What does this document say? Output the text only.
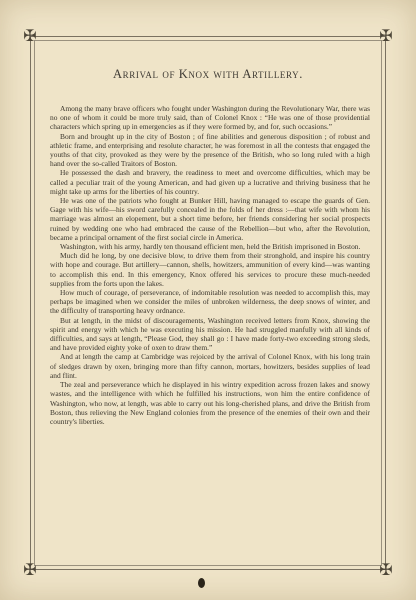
✠	✠
✠	✠
Arrival of Knox with Artillery.

Among the many brave officers who fought under Washington during the Revolutionary War, there was no one of whom it could be more truly said, than of Colonel Knox : “He was one of those providential characters which spring up in emergencies as if they were formed by, and for, such occasions.”

Born and brought up in the city of Boston ; of fine abilities and generous disposition ; of robust and athletic frame, and enterprising and resolute character, he was foremost in all the contests that engaged the youths of that city, provoked as they were by the presence of the British, who so long ruled with a high hand over the so-called Traitors of Boston.

He possessed the dash and bravery, the readiness to meet and overcome difficulties, which may be called a peculiar trait of the young American, and had given up a lucrative and thriving business that he might take up arms for the liberties of his country.

He was one of the patriots who fought at Bunker Hill, having managed to escape the guards of Gen. Gage with his wife—his sword carefully concealed in the folds of her dress :—that wife with whom his marriage was almost an elopement, but a short time before, her friends considering her social prospects ruined by wedding one who had embraced the cause of the Rebellion—but who, after the Revolution, became a principal ornament of the first social circle in America.

Washington, with his army, hardly ten thousand efficient men, held the British imprisoned in Boston.

Much did he long, by one decisive blow, to drive them from their stronghold, and inspire his country with hope and courage. But artillery—cannon, shells, howitzers, ammunition of every kind—was wanting to accomplish this end. In this emergency, Knox offered his services to procure these much-needed supplies from the forts upon the lakes.

How much of courage, of perseverance, of indomitable resolution was needed to accomplish this, may perhaps be imagined when we consider the miles of unbroken wilderness, the deep snows of winter, and the difficulty of transporting heavy ordnance.

But at length, in the midst of discouragements, Washington received letters from Knox, showing the spirit and energy with which he was executing his mission. He had struggled manfully with all kinds of difficulties, and says at length, “Please God, they shall go : I have made forty-two exceeding strong sleds, and have provided eighty yoke of oxen to draw them.”

And at length the camp at Cambridge was rejoiced by the arrival of Colonel Knox, with his long train of sledges drawn by oxen, bringing more than fifty cannon, mortars, howitzers, besides supplies of lead and flint.

The zeal and perseverance which he displayed in his wintry expedition across frozen lakes and snowy wastes, and the intelligence with which he fulfilled his instructions, won him the entire confidence of Washington, who now, at length, was able to carry out his long-cherished plans, and drive the British from Boston, thus relieving the New England colonies from the presence of the enemies of their own and their country's liberties.
